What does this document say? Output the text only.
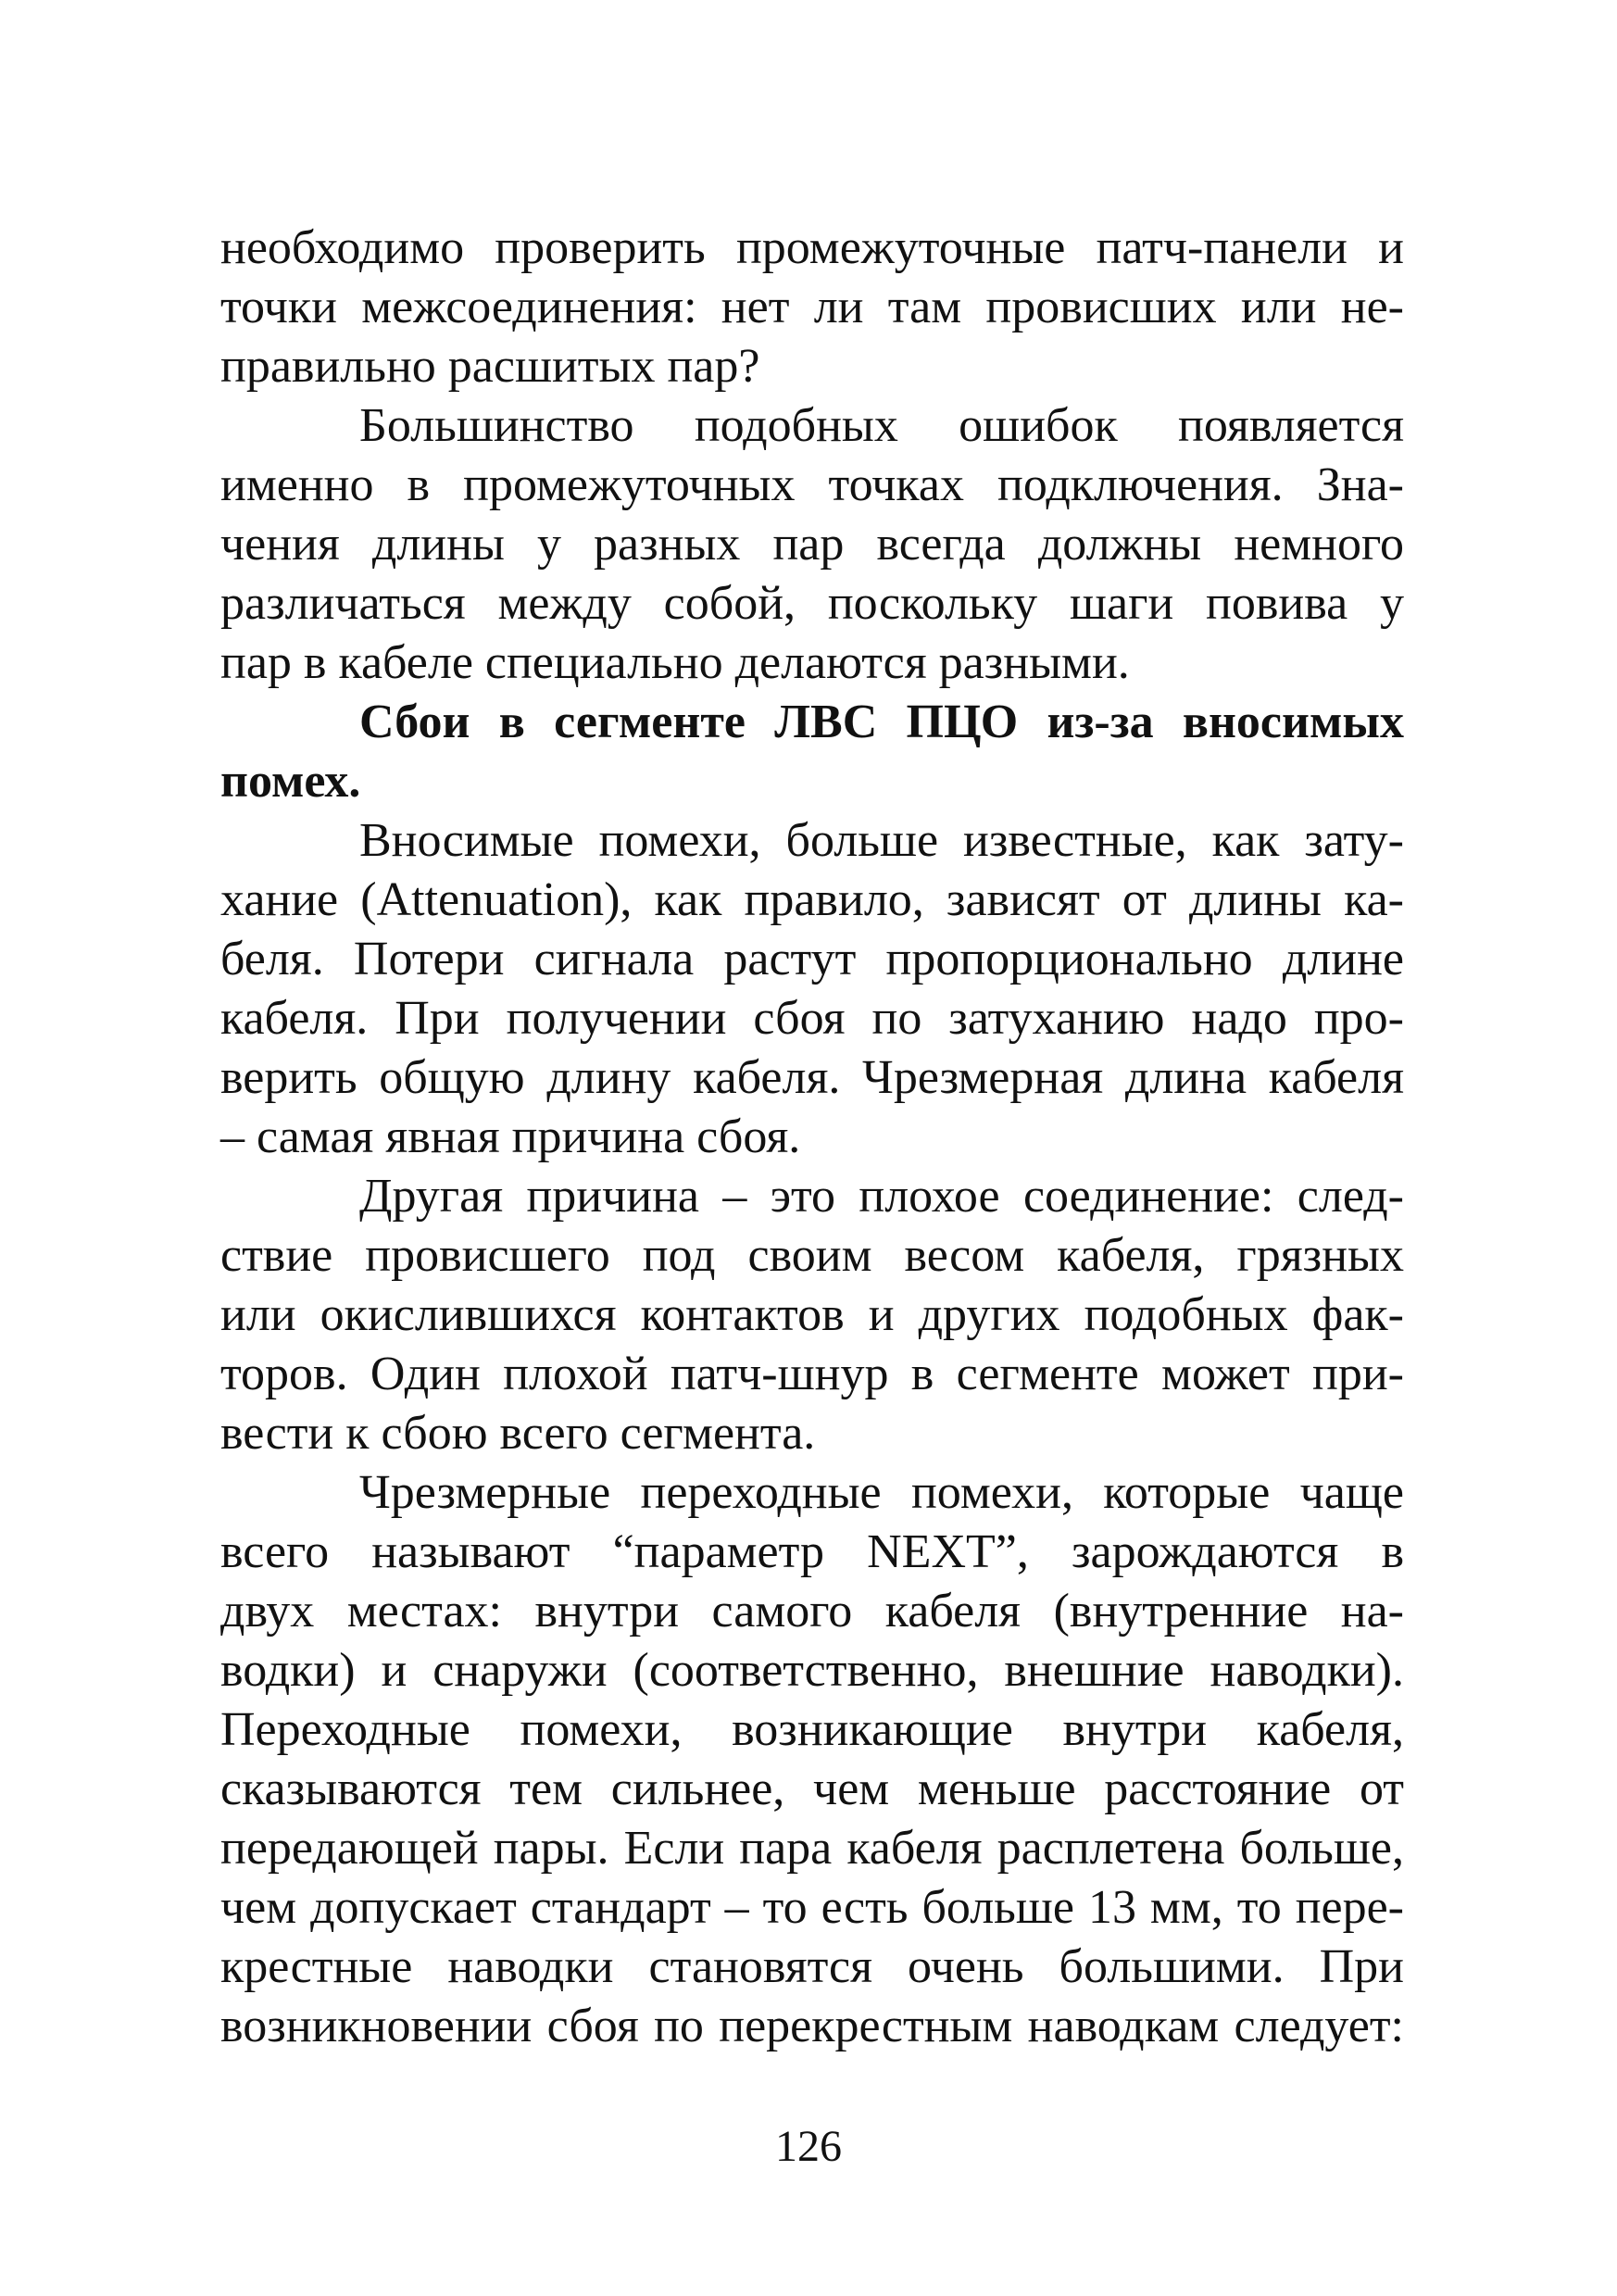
необходимо проверить промежуточные патч-панели и
точки межсоединения: нет ли там провисших или не-
правильно расшитых пар?
Большинство подобных ошибок появляется
именно в промежуточных точках подключения. Зна-
чения длины у разных пар всегда должны немного
различаться между собой, поскольку шаги повива у
пар в кабеле специально делаются разными.
Сбои в сегменте ЛВС ПЦО из-за вносимых
помех.
Вносимые помехи, больше известные, как зату-
хание (Attenuation), как правило, зависят от длины ка-
беля. Потери сигнала растут пропорционально длине
кабеля. При получении сбоя по затуханию надо про-
верить общую длину кабеля. Чрезмерная длина кабеля
– самая явная причина сбоя.
Другая причина – это плохое соединение: след-
ствие провисшего под своим весом кабеля, грязных
или окислившихся контактов и других подобных фак-
торов. Один плохой патч-шнур в сегменте может при-
вести к сбою всего сегмента.
Чрезмерные переходные помехи, которые чаще
всего называют “параметр NEXT”, зарождаются в
двух местах: внутри самого кабеля (внутренние на-
водки) и снаружи (соответственно, внешние наводки).
Переходные помехи, возникающие внутри кабеля,
сказываются тем сильнее, чем меньше расстояние от
передающей пары. Если пара кабеля расплетена больше,
чем допускает стандарт – то есть больше 13 мм, то пере-
крестные наводки становятся очень большими. При
возникновении сбоя по перекрестным наводкам следует:
126
